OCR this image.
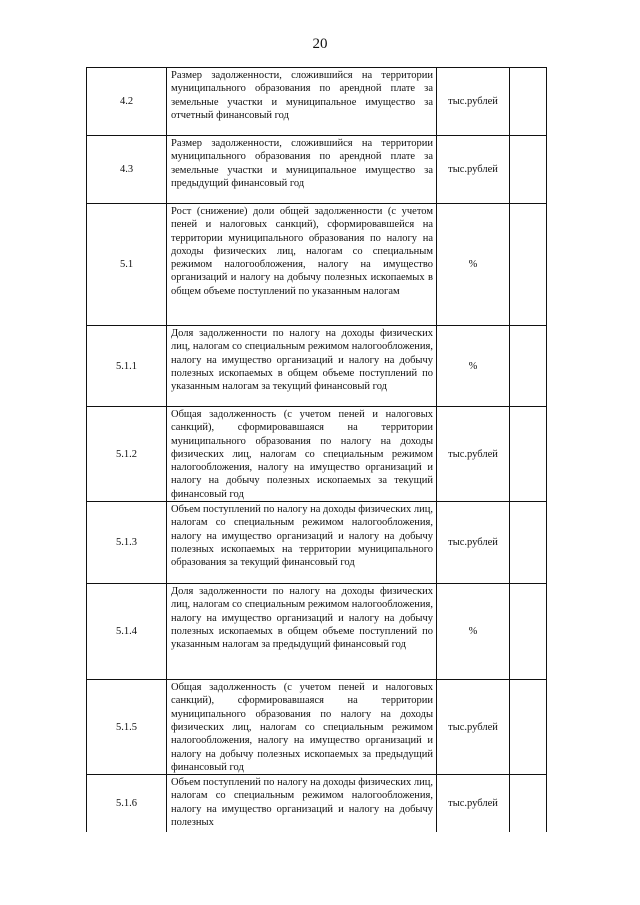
20
4.2	Размер задолженности, сложившийся на территории муниципального образования по арендной плате за земельные участки и муниципальное имущество за отчетный финансовый год	тыс.рублей	
4.3	Размер задолженности, сложившийся на территории муниципального образования по арендной плате за земельные участки и муниципальное имущество за предыдущий финансовый год	тыс.рублей	
5.1	Рост (снижение) доли общей задолженности (с учетом пеней и налоговых санкций), сформировавшейся на территории муниципального образования по налогу на доходы физических лиц, налогам со специальным режимом налогообложения, налогу на имущество организаций и налогу на добычу полезных ископаемых в общем объеме поступлений по указанным налогам	%	
5.1.1	Доля задолженности по налогу на доходы физических лиц, налогам со специальным режимом налогообложения, налогу на имущество организаций и налогу на добычу полезных ископаемых в общем объеме поступлений по указанным налогам за текущий финансовый год	%	
5.1.2	Общая задолженность (с учетом пеней и налоговых санкций), сформировавшаяся на территории муниципального образования по налогу на доходы физических лиц, налогам со специальным режимом налогообложения, налогу на имущество организаций и налогу на добычу полезных ископаемых за текущий финансовый год	тыс.рублей	
5.1.3	Объем поступлений по налогу на доходы физических лиц, налогам со специальным режимом налогообложения, налогу на имущество организаций и налогу на добычу полезных ископаемых на территории муниципального образования за текущий финансовый год	тыс.рублей	
5.1.4	Доля задолженности по налогу на доходы физических лиц, налогам со специальным режимом налогообложения, налогу на имущество организаций и налогу на добычу полезных ископаемых в общем объеме поступлений по указанным налогам за предыдущий финансовый год	%	
5.1.5	Общая задолженность (с учетом пеней и налоговых санкций), сформировавшаяся на территории муниципального образования по налогу на доходы физических лиц, налогам со специальным режимом налогообложения, налогу на имущество организаций и налогу на добычу полезных ископаемых за предыдущий финансовый год	тыс.рублей	
5.1.6	Объем поступлений по налогу на доходы физических лиц, налогам со специальным режимом налогообложения, налогу на имущество организаций и налогу на добычу полезных	тыс.рублей	
